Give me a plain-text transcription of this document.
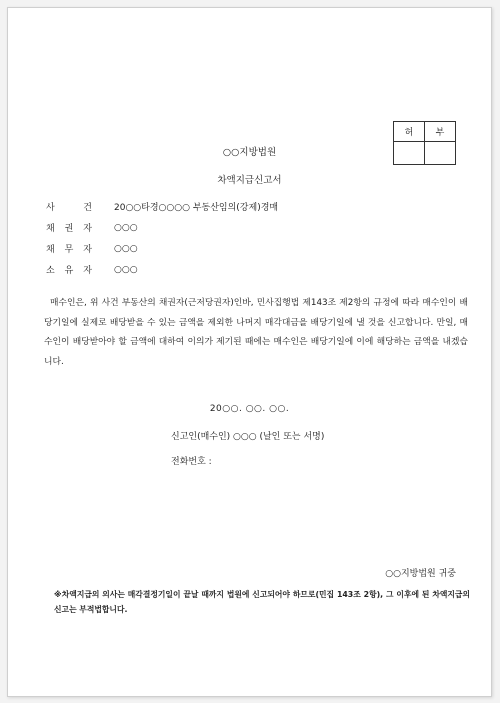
허	부

○○지방법원
차액지급신고서
사	건 20○○타경○○○○ 부동산임의(강제)경매
채 권 자 ○○○
채 무 자 ○○○
소 유 자 ○○○
매수인은, 위 사건 부동산의 채권자(근저당권자)인바, 민사집행법 제143조 제2항의 규정에 따라 매수인이 배당기일에 실제로 배당받을 수 있는 금액을 제외한 나머지 매각대금을 배당기일에 낼 것을 신고합니다. 만일, 매수인이 배당받아야 할 금액에 대하여 이의가 제기된 때에는 매수인은 배당기일에 이에 해당하는 금액을 내겠습니다.
20○○. ○○. ○○.
신고인(매수인) ○○○ (날인 또는 서명)
전화번호 :
○○지방법원 귀중
※차액지급의 의사는 매각결정기일이 끝날 때까지 법원에 신고되어야 하므로(민집 143조 2항), 그 이후에 된 차액지급의 신고는 부적법합니다.
